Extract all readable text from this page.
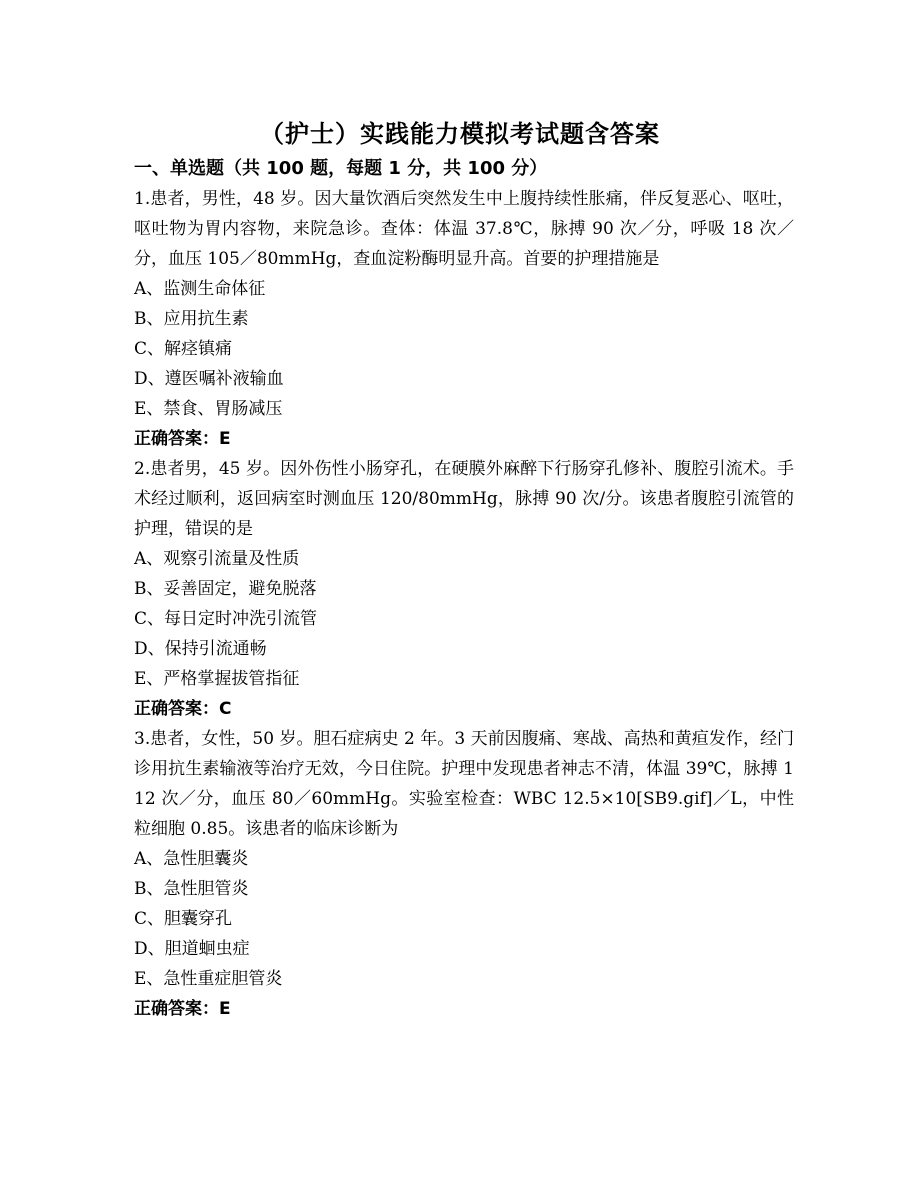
（护士）实践能力模拟考试题含答案
一、单选题（共 100 题，每题 1 分，共 100 分）
1.患者，男性，48 岁。因大量饮酒后突然发生中上腹持续性胀痛，伴反复恶心、呕吐，呕吐物为胃内容物，来院急诊。查体：体温 37.8℃，脉搏 90 次／分，呼吸 18 次／分，血压 105／80mmHg，查血淀粉酶明显升高。首要的护理措施是
A、监测生命体征
B、应用抗生素
C、解痉镇痛
D、遵医嘱补液输血
E、禁食、胃肠减压
正确答案：E
2.患者男，45 岁。因外伤性小肠穿孔，在硬膜外麻醉下行肠穿孔修补、腹腔引流术。手术经过顺利，返回病室时测血压 120/80mmHg，脉搏 90 次/分。该患者腹腔引流管的护理，错误的是
A、观察引流量及性质
B、妥善固定，避免脱落
C、每日定时冲洗引流管
D、保持引流通畅
E、严格掌握拔管指征
正确答案：C
3.患者，女性，50 岁。胆石症病史 2 年。3 天前因腹痛、寒战、高热和黄疸发作，经门诊用抗生素输液等治疗无效，今日住院。护理中发现患者神志不清，体温 39℃，脉搏 112 次／分，血压 80／60mmHg。实验室检查：WBC 12.5×10[SB9.gif]／L，中性粒细胞 0.85。该患者的临床诊断为
A、急性胆囊炎
B、急性胆管炎
C、胆囊穿孔
D、胆道蛔虫症
E、急性重症胆管炎
正确答案：E
